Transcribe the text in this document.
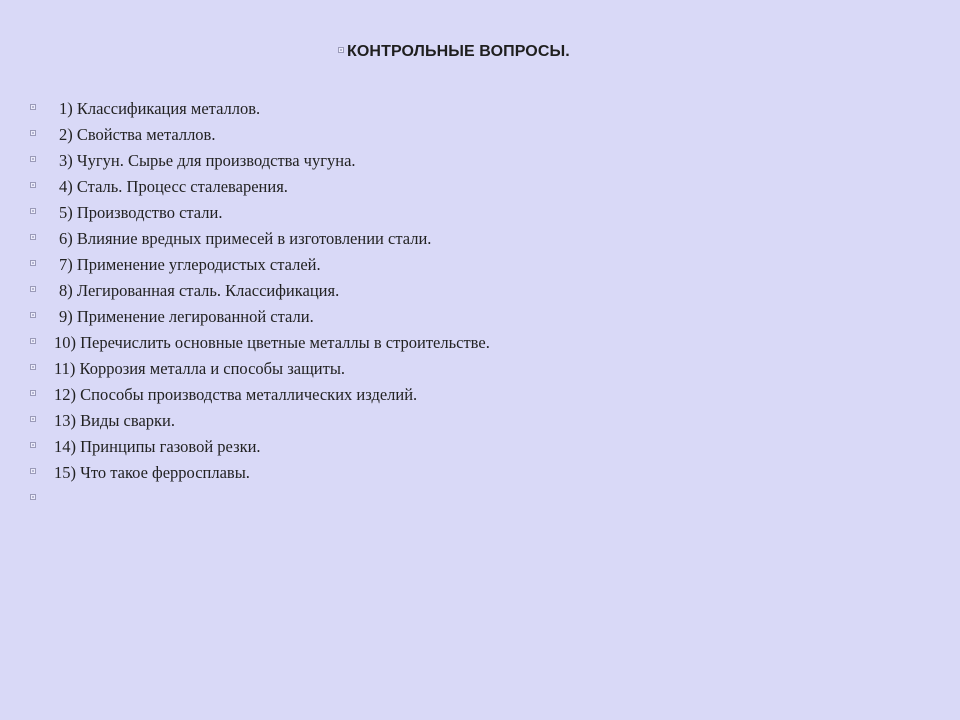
КОНТРОЛЬНЫЕ ВОПРОСЫ.
1) Классификация металлов.
2) Свойства металлов.
3) Чугун. Сырье для производства чугуна.
4) Сталь. Процесс сталеварения.
5) Производство стали.
6) Влияние вредных примесей в изготовлении стали.
7) Применение углеродистых сталей.
8) Легированная сталь. Классификация.
9) Применение легированной стали.
10) Перечислить основные цветные металлы в строительстве.
11) Коррозия металла и способы защиты.
12) Способы производства металлических изделий.
13) Виды сварки.
14) Принципы газовой резки.
15) Что такое ферросплавы.
